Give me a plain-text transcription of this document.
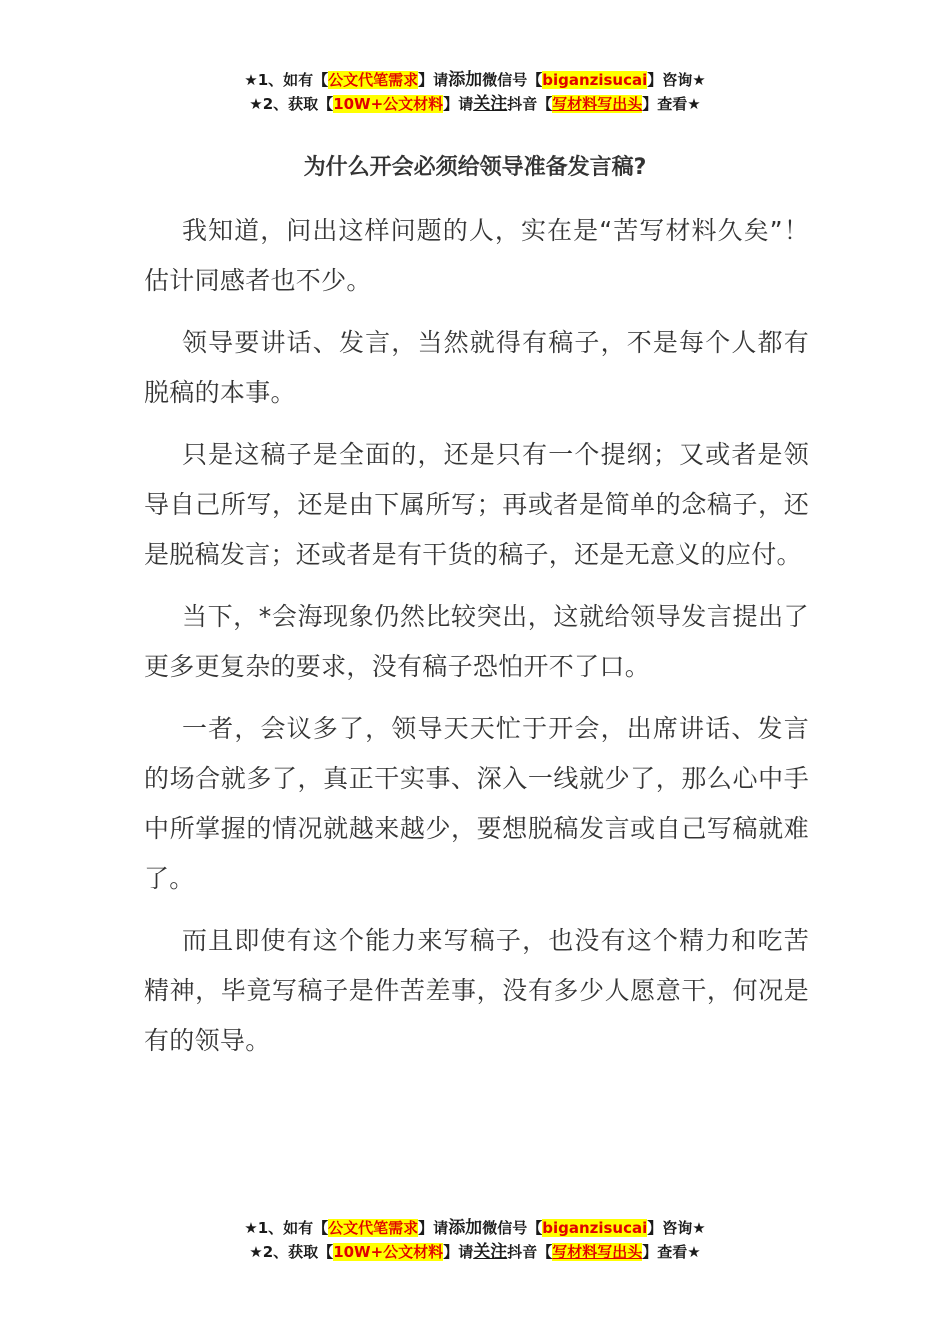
★1、如有【公文代笔需求】请添加微信号【biganzisucai】咨询★
★2、获取【10W+公文材料】请关注抖音【写材料写出头】查看★
为什么开会必须给领导准备发言稿?

我知道，问出这样问题的人，实在是“苦写材料久矣”！估计同感者也不少。

领导要讲话、发言，当然就得有稿子，不是每个人都有脱稿的本事。

只是这稿子是全面的，还是只有一个提纲；又或者是领导自己所写，还是由下属所写；再或者是简单的念稿子，还是脱稿发言；还或者是有干货的稿子，还是无意义的应付。

当下，*会海现象仍然比较突出，这就给领导发言提出了更多更复杂的要求，没有稿子恐怕开不了口。

一者，会议多了，领导天天忙于开会，出席讲话、发言的场合就多了，真正干实事、深入一线就少了，那么心中手中所掌握的情况就越来越少，要想脱稿发言或自己写稿就难了。

而且即使有这个能力来写稿子，也没有这个精力和吃苦精神，毕竟写稿子是件苦差事，没有多少人愿意干，何况是有的领导。

★1、如有【公文代笔需求】请添加微信号【biganzisucai】咨询★
★2、获取【10W+公文材料】请关注抖音【写材料写出头】查看★
